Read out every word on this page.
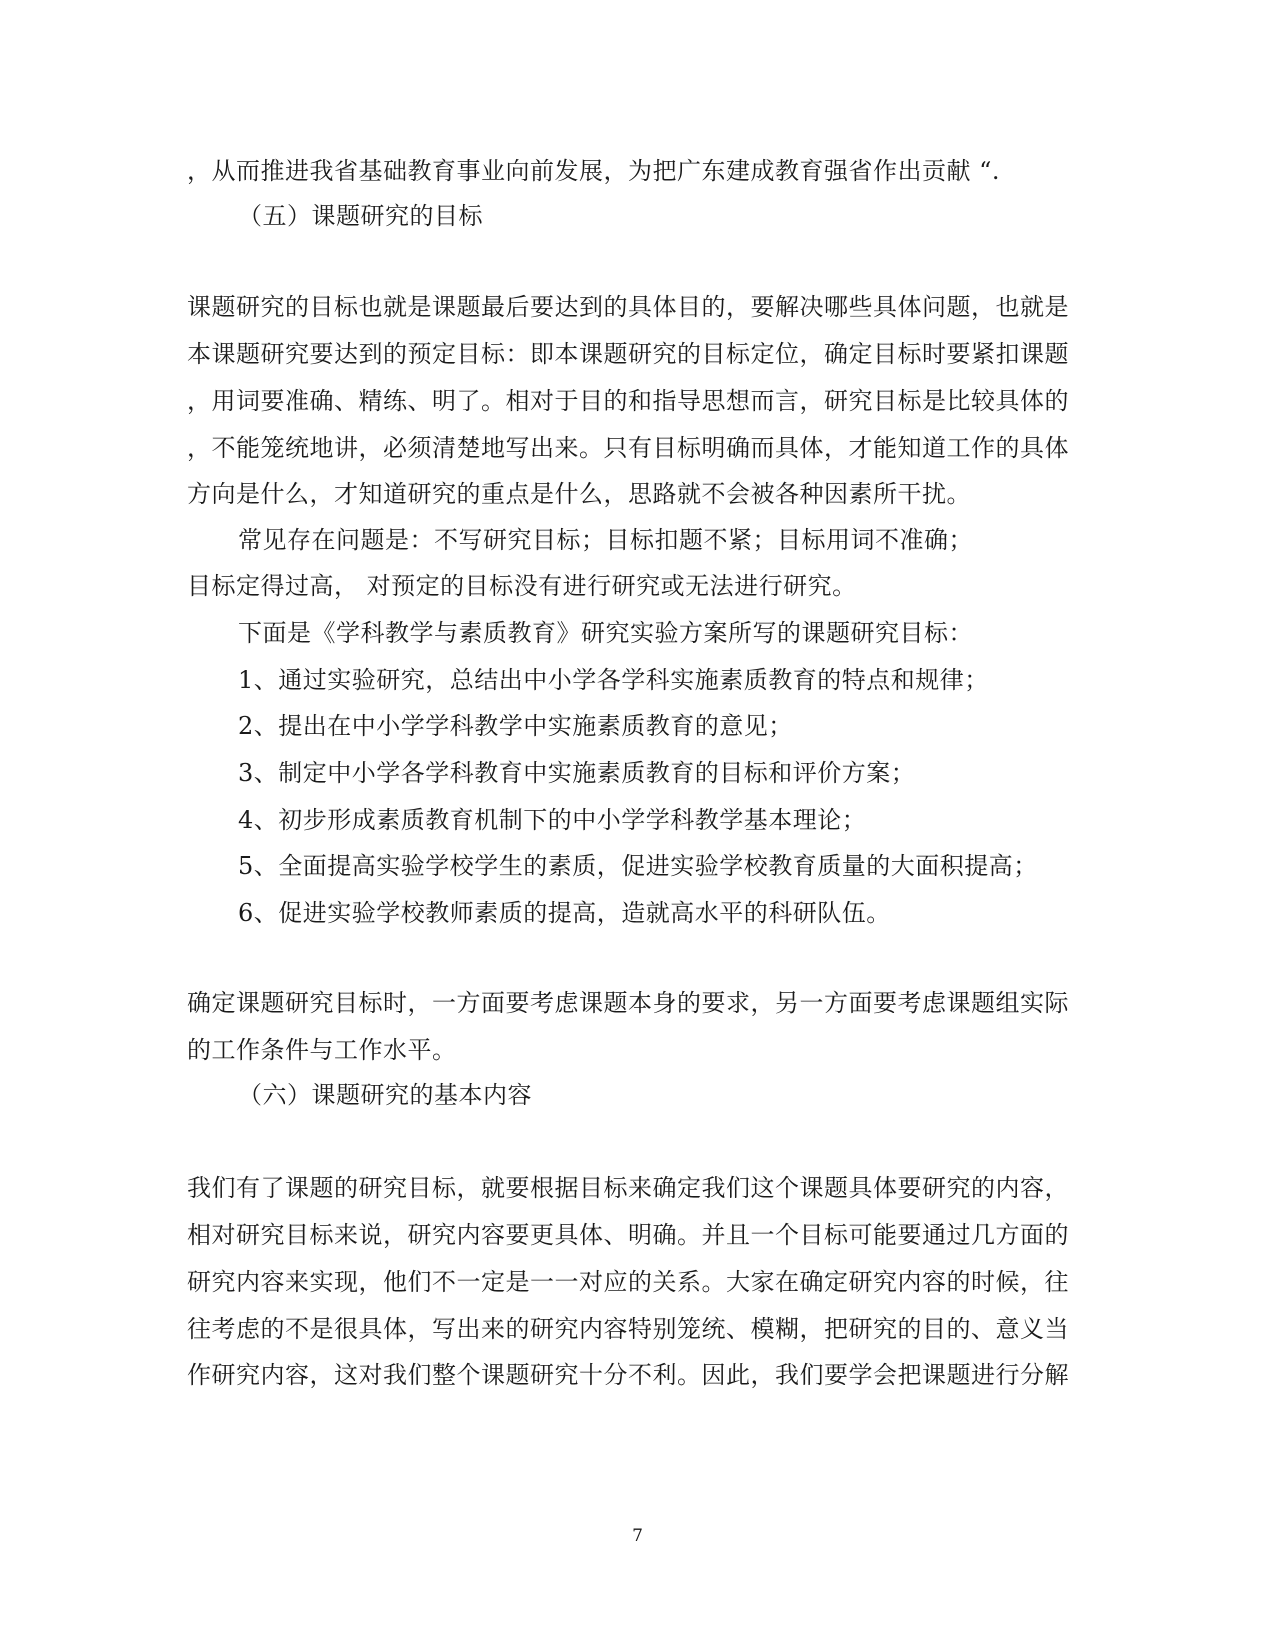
，从而推进我省基础教育事业向前发展，为把广东建成教育强省作出贡献 “.
（五）课题研究的目标
课题研究的目标也就是课题最后要达到的具体目的，要解决哪些具体问题，也就是
本课题研究要达到的预定目标：即本课题研究的目标定位，确定目标时要紧扣课题
，用词要准确、精练、明了。相对于目的和指导思想而言，研究目标是比较具体的
，不能笼统地讲，必须清楚地写出来。只有目标明确而具体，才能知道工作的具体
方向是什么，才知道研究的重点是什么，思路就不会被各种因素所干扰。
常见存在问题是：不写研究目标；目标扣题不紧；目标用词不准确；
目标定得过高， 对预定的目标没有进行研究或无法进行研究。
下面是《学科教学与素质教育》研究实验方案所写的课题研究目标：
1、通过实验研究，总结出中小学各学科实施素质教育的特点和规律；
2、提出在中小学学科教学中实施素质教育的意见；
3、制定中小学各学科教育中实施素质教育的目标和评价方案；
4、初步形成素质教育机制下的中小学学科教学基本理论；
5、全面提高实验学校学生的素质，促进实验学校教育质量的大面积提高；
6、促进实验学校教师素质的提高，造就高水平的科研队伍。
确定课题研究目标时，一方面要考虑课题本身的要求，另一方面要考虑课题组实际
的工作条件与工作水平。
（六）课题研究的基本内容
我们有了课题的研究目标，就要根据目标来确定我们这个课题具体要研究的内容，
相对研究目标来说，研究内容要更具体、明确。并且一个目标可能要通过几方面的
研究内容来实现，他们不一定是一一对应的关系。大家在确定研究内容的时候，往
往考虑的不是很具体，写出来的研究内容特别笼统、模糊，把研究的目的、意义当
作研究内容，这对我们整个课题研究十分不利。因此，我们要学会把课题进行分解
7
